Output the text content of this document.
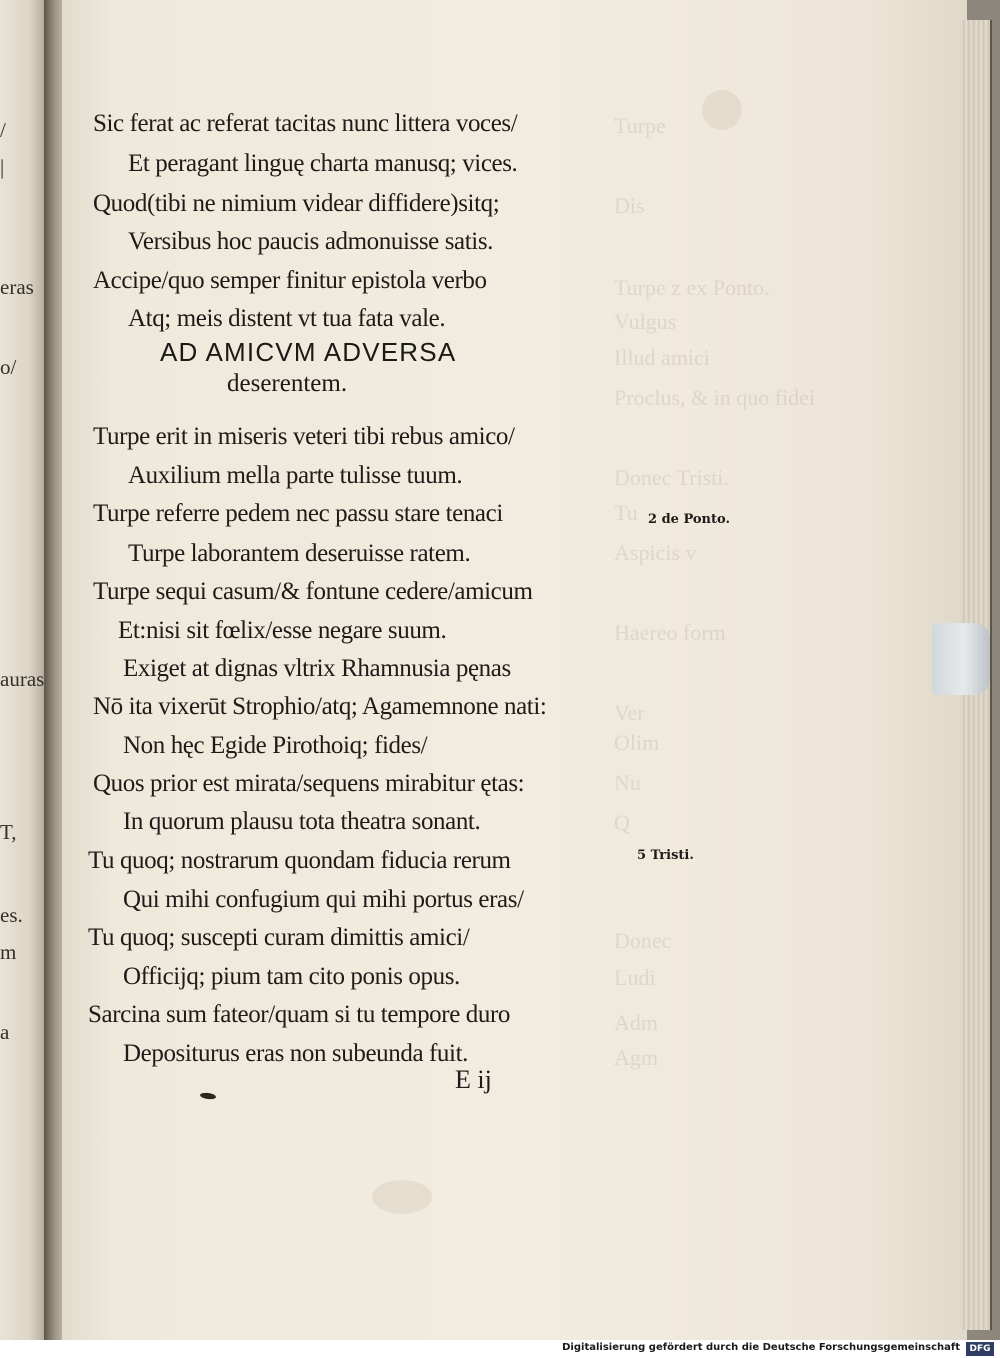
/
|
eras
o/
auras
T,
es.
m
a
Turpe
Dis
Turpe z ex Ponto.
Vulgus
Illud amici
Proclus, & in quo fidei
Donec Tristi.
Tu
Aspicis v
Haereo form
Ver
Olim
Nu
Q
Donec
Ludi
Adm
Agm
Sic ferat ac referat tacitas nunc littera voces/
Et peragant linguę charta manusq; vices.
Quod(tibi ne nimium videar diffidere)sitq;
Versibus hoc paucis admonuisse satis.
Accipe/quo semper finitur epistola verbo
Atq; meis distent vt tua fata vale.
Turpe erit in miseris veteri tibi rebus amico/
Auxilium mella parte tulisse tuum.
Turpe referre pedem nec passu stare tenaci
Turpe laborantem deseruisse ratem.
Turpe sequi casum/& fontune cedere/amicum
Et:nisi sit fœlix/esse negare suum.
Exiget at dignas vltrix Rhamnusia pęnas
Nō ita vixerūt Strophio/atq; Agamemnone nati:
Non hęc Egide Pirothoiq; fides/
Quos prior est mirata/sequens mirabitur ętas:
In quorum plausu tota theatra sonant.
Tu quoq; nostrarum quondam fiducia rerum
Qui mihi confugium qui mihi portus eras/
Tu quoq; suscepti curam dimittis amici/
Officijq; pium tam cito ponis opus.
Sarcina sum fateor/quam si tu tempore duro
Depositurus eras non subeunda fuit.
AD AMICVM ADVERSA
deserentem.
2 de Ponto.
5 Tristi.
E ij
Digitalisierung gefördert durch die Deutsche Forschungsgemeinschaft	DFG
